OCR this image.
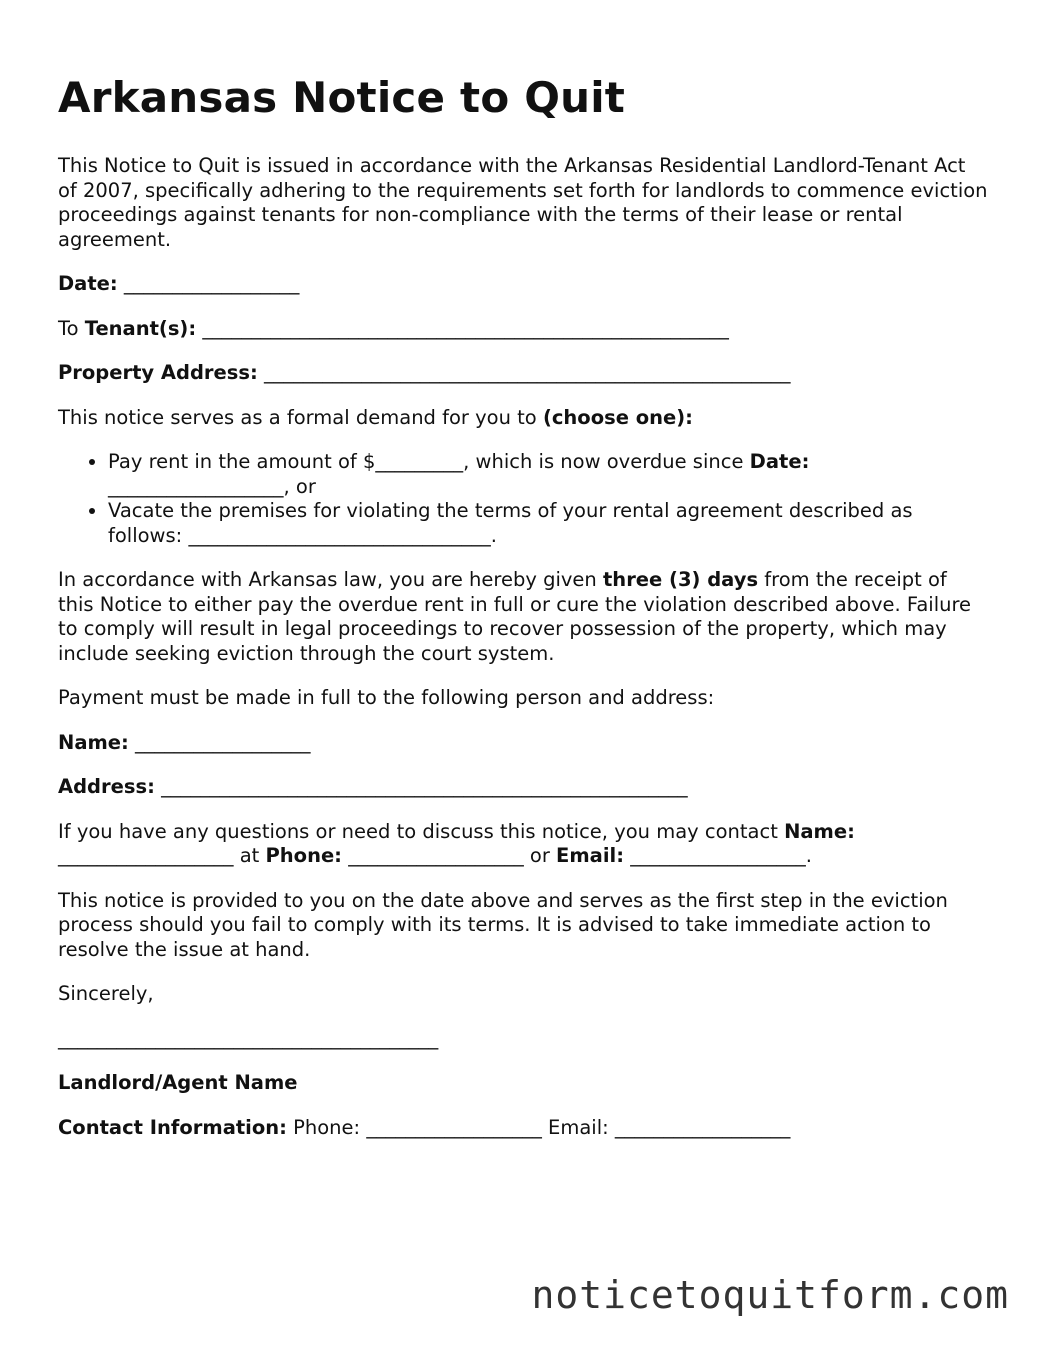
Arkansas Notice to Quit

This Notice to Quit is issued in accordance with the Arkansas Residential Landlord-Tenant Act of 2007, specifically adhering to the requirements set forth for landlords to commence eviction proceedings against tenants for non-compliance with the terms of their lease or rental agreement.

Date: __________________

To Tenant(s): ______________________________________________________

Property Address: ______________________________________________________

This notice serves as a formal demand for you to (choose one):

• Pay rent in the amount of $_________, which is now overdue since Date: __________________, or
• Vacate the premises for violating the terms of your rental agreement described as follows: _______________________________.

In accordance with Arkansas law, you are hereby given three (3) days from the receipt of this Notice to either pay the overdue rent in full or cure the violation described above. Failure to comply will result in legal proceedings to recover possession of the property, which may include seeking eviction through the court system.

Payment must be made in full to the following person and address:

Name: __________________

Address: ______________________________________________________

If you have any questions or need to discuss this notice, you may contact Name: __________________ at Phone: __________________ or Email: __________________.

This notice is provided to you on the date above and serves as the first step in the eviction process should you fail to comply with its terms. It is advised to take immediate action to resolve the issue at hand.

Sincerely,

_______________________________________

Landlord/Agent Name

Contact Information: Phone: __________________ Email: __________________

noticetoquitform.com
